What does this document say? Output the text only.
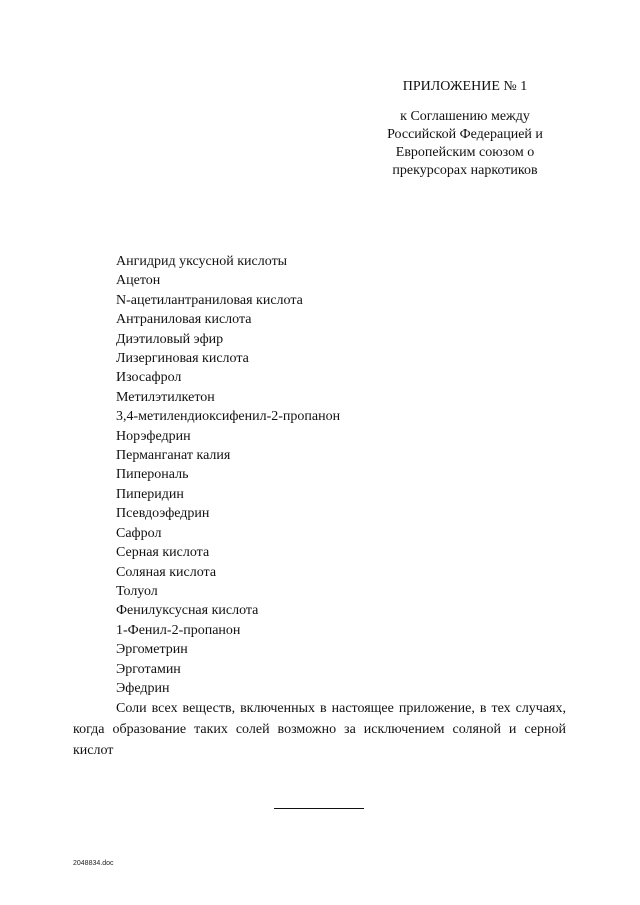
ПРИЛОЖЕНИЕ № 1
к Соглашению между
Российской Федерацией и
Европейским союзом о
прекурсорах наркотиков
Ангидрид уксусной кислоты
Ацетон
N-ацетилантраниловая кислота
Антраниловая кислота
Диэтиловый эфир
Лизергиновая кислота
Изосафрол
Метилэтилкетон
3,4-метилендиоксифенил-2-пропанон
Норэфедрин
Перманганат калия
Пиперональ
Пиперидин
Псевдоэфедрин
Сафрол
Серная кислота
Соляная кислота
Толуол
Фенилуксусная кислота
1-Фенил-2-пропанон
Эргометрин
Эрготамин
Эфедрин

Соли всех веществ, включенных в настоящее приложение, в тех случаях, когда образование таких солей возможно за исключением соляной и серной кислот

2048834.doc
